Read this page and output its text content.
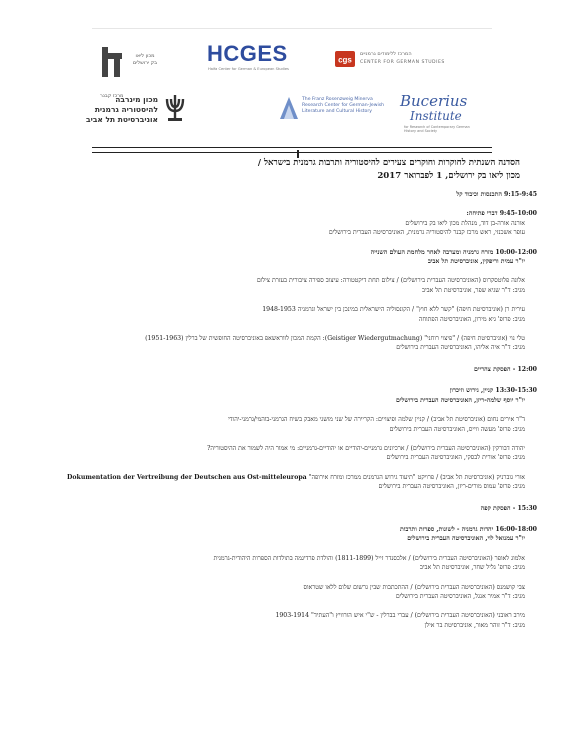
מכון ליאו בק ירושלים
מרכז קבנר
HCGES
Haifa Center for German & European Studies
cgs
המרכז ללימודים גרמניים
CENTER FOR GERMAN STUDIES
מכון מינרבה
להיסטוריה גרמנית
אוניברסיטת תל אביב
The Franz Rosenzweig Minerva Research Center for German-Jewish Literature and Cultural History
Bucerius
Institute
for Research of Contemporary German History and Society
הסדנה השנתית לחוקרות וחוקרים צעירים להיסטוריה ותרבות גרמנית בישראל /
מכון ליאו בק ירושלים, 1 לפברואר 2017
9:15-9:45 התכנסות וכיבוד קל
9:45-10:00 דברי פתיחה:
אורנה אורה-בן דוד, מנהלת מכון ליאו בק בירושלים
עופר אשכנזי, ראש מרכז קבנר להיסטוריה גרמנית, האוניברסיטה העברית בירושלים
10:00-12:00 מזרח גרמניה ומערבה לאחר מלחמת העולם השנייה
יו"ר עמית וריפקין, אוניברסיטת תל אביב
אלונה פלוטסקרוס (האוניברסיטה העברית בירושלים) / צילום תחת דיקטטורה: עיצוב ספירה ציבורית בעזרת צילום
מגיב: ד"ר שגיא שפר, אוניברסיטת תל אביב
עירית רן (אוניברסיטת חיפה) "קשר ללא חוץ" / הקונסוליה הישראלית במינכן בין ישראל וגרמניה 1948-1953
מגיב: פרופ' גיא מירון, האוניברסיטה הפתוחה
טלי נוי (אוניברסיטת חיפה) / "פיצוי רוחני" (Geistiger Wiedergutmachung): הקמת המכון לווראשאפ באוניברסיטה החופשית של ברלין (1951-1963)
מגיב: ד"ר איה אליהו, האוניברסיטה העברית בירושלים
12:00 - הפסקת צהריים
13:30-15:30 קניין, גירוש וזיכרון
יו"ר יוסף שלמה-ריזן, האוניברסיטה העברית בירושלים
ד"ר אירים נחום (אוניברסיטת תל אביב) / קניין שלמה ופיצויים: הקריירה של שני מושגי מאבק בשיח הגרמני-בוהמי/גרמני-יהודי
מגיב: פרופ' מעשה ווייס, האוניברסיטה העברית בירושלים
יהודה דבורקין (האוניברסיטה העברית בירושלים) / ארכיונים גרמניים-יהודיים או יהודיים-גרמניים: מי אמור היה לשמור את ההיסטוריה?
מגיב: פרופ' אורית לבסקי, האוניברסיטה העברית בירושלים
אורי גוברניק (אוניברסיטת תל אביב) / פרויקט "תיעוד גירוש הגרמנים ממרכז ומזרח אירופה" Dokumentation der Vertreibung der Deutschen aus Ost-mitteleuropa
מגיב: פרופ' עמוס מורים-ריזן, האוניברסיטה העברית בירושלים
15:30 - הפסקת קפה
16:00-18:00 יהדות גרמניה - לשונות, ספרות ותרבות
יו"ר עמנואל לוי, האוניברסיטה העברית בירושלים
אלמוג לאופר (האוניברסיטה העברית בירושלים) / אלכסנדר זייל (1811-1899) והולדת פרדיגמה בתולדות הספרות היהודית-גרמנית
מגיב: פרופ' גליל שחר, אוניברסיטת תל אביב
צבי קושמנס (האוניברסיטה העברית בירושלים) / ההתכתבות שבין גרשום שלום ללאו שטראוס
מגיב: ד"ר אמיר אנגל, האוניברסיטה העברית בירושלים
מירב ראובני (האוניברסיטה העברית בירושלים) / עברי בברלין - ש"י איש הורוויץ ו"העתיד" 1903-1914
מגיב: ד"ר זוהר מאור, אוניברסיטת בר אילן
